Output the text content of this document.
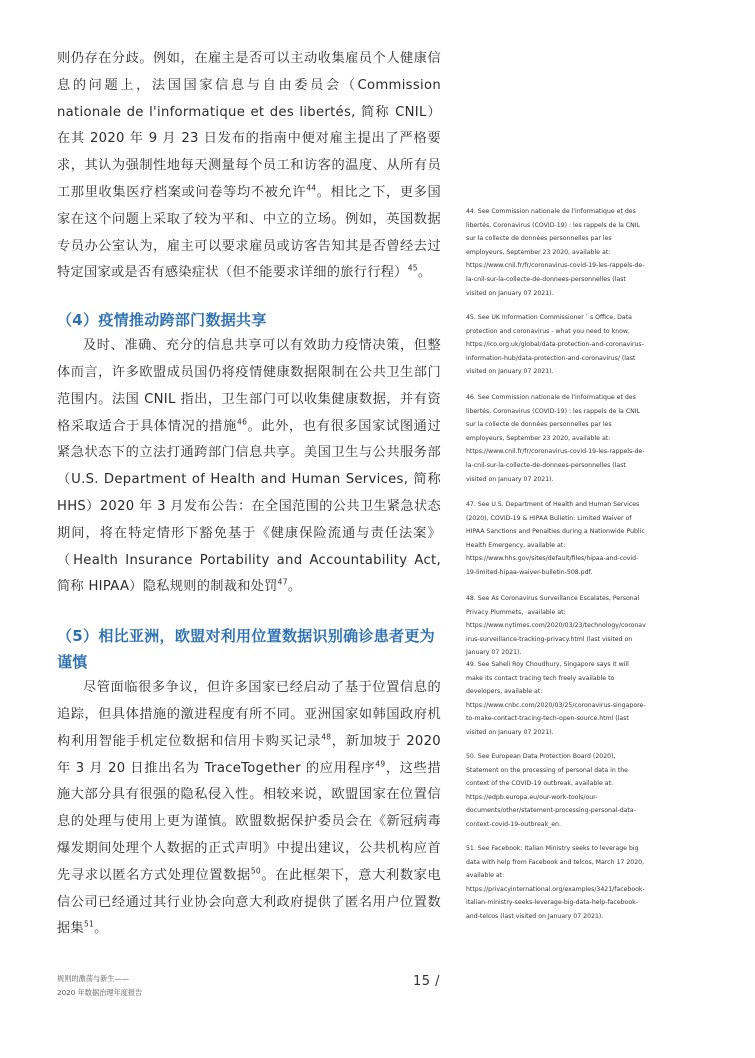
则仍存在分歧。例如，在雇主是否可以主动收集雇员个人健康信息的问题上，法国国家信息与自由委员会（Commission nationale de l'informatique et des libertés, 简称 CNIL）在其 2020 年 9 月 23 日发布的指南中便对雇主提出了严格要求，其认为强制性地每天测量每个员工和访客的温度、从所有员工那里收集医疗档案或问卷等均不被允许$^{44}$。相比之下，更多国家在这个问题上采取了较为平和、中立的立场。例如，英国数据专员办公室认为，雇主可以要求雇员或访客告知其是否曾经去过特定国家或是否有感染症状（但不能要求详细的旅行行程）$^{45}$。

（4）疫情推动跨部门数据共享

及时、准确、充分的信息共享可以有效助力疫情决策，但整体而言，许多欧盟成员国仍将疫情健康数据限制在公共卫生部门范围内。法国 CNIL 指出，卫生部门可以收集健康数据，并有资格采取适合于具体情况的措施$^{46}$。此外，也有很多国家试图通过紧急状态下的立法打通跨部门信息共享。美国卫生与公共服务部（U.S. Department of Health and Human Services, 简称 HHS）2020 年 3 月发布公告：在全国范围的公共卫生紧急状态期间，将在特定情形下豁免基于《健康保险流通与责任法案》（Health Insurance Portability and Accountability Act, 简称 HIPAA）隐私规则的制裁和处罚$^{47}$。

（5）相比亚洲，欧盟对利用位置数据识别确诊患者更为谨慎

尽管面临很多争议，但许多国家已经启动了基于位置信息的追踪，但具体措施的激进程度有所不同。亚洲国家如韩国政府机构利用智能手机定位数据和信用卡购买记录$^{48}$，新加坡于 2020 年 3 月 20 日推出名为 TraceTogether 的应用程序$^{49}$，这些措施大部分具有很强的隐私侵入性。相较来说，欧盟国家在位置信息的处理与使用上更为谨慎。欧盟数据保护委员会在《新冠病毒爆发期间处理个人数据的正式声明》中提出建议，公共机构应首先寻求以匿名方式处理位置数据$^{50}$。在此框架下，意大利数家电信公司已经通过其行业协会向意大利政府提供了匿名用户位置数据集$^{51}$。

44. See Commission nationale de l'informatique et des libertés, Coronavirus (COVID-19) : les rappels de la CNIL sur la collecte de données personnelles par les employeurs, September 23 2020, available at: https://www.cnil.fr/fr/coronavirus-covid-19-les-rappels-de-la-cnil-sur-la-collecte-de-donnees-personnelles (last visited on January 07 2021).

45. See UK Information Commissioner＇s Office, Data protection and coronavirus - what you need to know, https://ico.org.uk/global/data-protection-and-coronavirus-information-hub/data-protection-and-coronavirus/ (last visited on January 07 2021).

46. See Commission nationale de l'informatique et des libertés, Coronavirus (COVID-19) : les rappels de la CNIL sur la collecte de données personnelles par les employeurs, September 23 2020, available at: https://www.cnil.fr/fr/coronavirus-covid-19-les-rappels-de-la-cnil-sur-la-collecte-de-donnees-personnelles (last visited on January 07 2021).

47. See U.S. Department of Health and Human Services (2020), COVID-19 & HIPAA Bulletin: Limited Waiver of HIPAA Sanctions and Penalties during a Nationwide Public Health Emergency, available at: https://www.hhs.gov/sites/default/files/hipaa-and-covid-19-limited-hipaa-waiver-bulletin-508.pdf.

48. See As Coronavirus Surveillance Escalates, Personal Privacy Plummets，available at: https://www.nytimes.com/2020/03/23/technology/coronavirus-surveillance-tracking-privacy.html (last visited on January 07 2021).

49. See Saheli Roy Choudhury, Singapore says it will make its contact tracing tech freely available to developers, available at: https://www.cnbc.com/2020/03/25/coronavirus-singapore-to-make-contact-tracing-tech-open-source.html (last visited on January 07 2021).

50. See European Data Protection Board (2020), Statement on the processing of personal data in the context of the COVID-19 outbreak, available at: https://edpb.europa.eu/our-work-tools/our-documents/other/statement-processing-personal-data-context-covid-19-outbreak_en.

51. See Facebook: Italian Ministry seeks to leverage big data with help from Facebook and telcos, March 17 2020, available at: https://privacyinternational.org/examples/3421/facebook-italian-ministry-seeks-leverage-big-data-help-facebook-and-telcos (last visited on January 07 2021).

规则的激荡与新生——
2020 年数据治理年度报告
15 /
